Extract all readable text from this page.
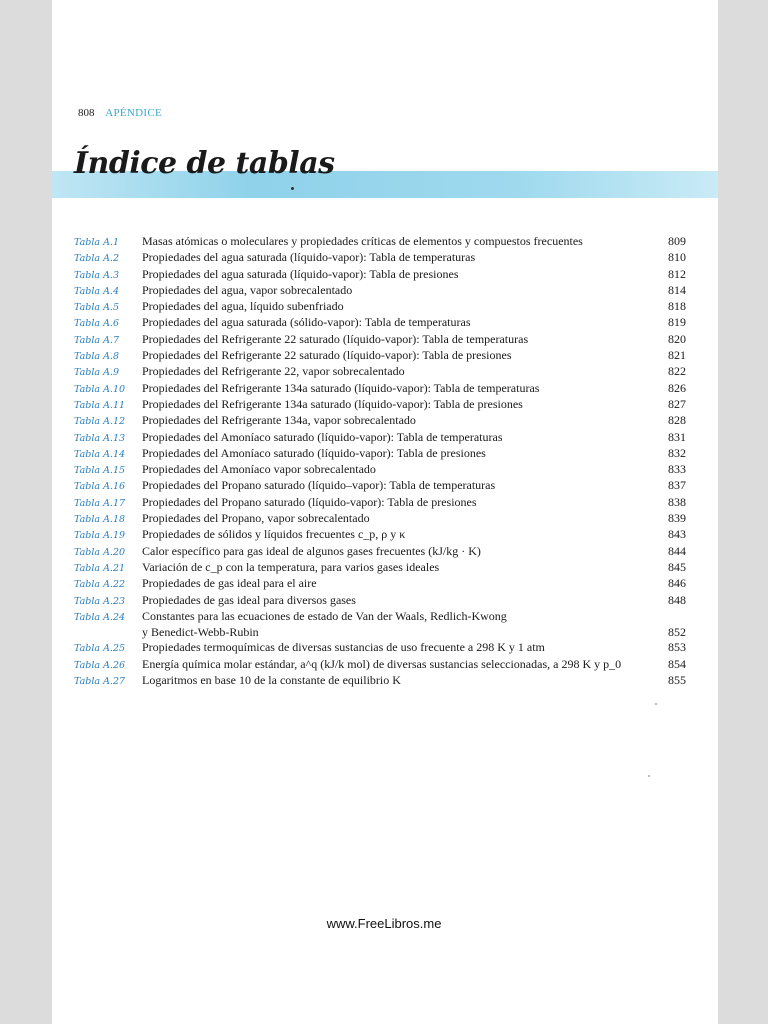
808 APÉNDICE
Índice de tablas
Tabla A.1	Masas atómicas o moleculares y propiedades críticas de elementos y compuestos frecuentes	809
Tabla A.2	Propiedades del agua saturada (líquido-vapor): Tabla de temperaturas	810
Tabla A.3	Propiedades del agua saturada (líquido-vapor): Tabla de presiones	812
Tabla A.4	Propiedades del agua, vapor sobrecalentado	814
Tabla A.5	Propiedades del agua, líquido subenfriado	818
Tabla A.6	Propiedades del agua saturada (sólido-vapor): Tabla de temperaturas	819
Tabla A.7	Propiedades del Refrigerante 22 saturado (líquido-vapor): Tabla de temperaturas	820
Tabla A.8	Propiedades del Refrigerante 22 saturado (líquido-vapor): Tabla de presiones	821
Tabla A.9	Propiedades del Refrigerante 22, vapor sobrecalentado	822
Tabla A.10	Propiedades del Refrigerante 134a saturado (líquido-vapor): Tabla de temperaturas	826
Tabla A.11	Propiedades del Refrigerante 134a saturado (líquido-vapor): Tabla de presiones	827
Tabla A.12	Propiedades del Refrigerante 134a, vapor sobrecalentado	828
Tabla A.13	Propiedades del Amoníaco saturado (líquido-vapor): Tabla de temperaturas	831
Tabla A.14	Propiedades del Amoníaco saturado (líquido-vapor): Tabla de presiones	832
Tabla A.15	Propiedades del Amoníaco vapor sobrecalentado	833
Tabla A.16	Propiedades del Propano saturado (líquido–vapor): Tabla de temperaturas	837
Tabla A.17	Propiedades del Propano saturado (líquido-vapor): Tabla de presiones	838
Tabla A.18	Propiedades del Propano, vapor sobrecalentado	839
Tabla A.19	Propiedades de sólidos y líquidos frecuentes c_p, ρ y κ	843
Tabla A.20	Calor específico para gas ideal de algunos gases frecuentes (kJ/kg · K)	844
Tabla A.21	Variación de c_p con la temperatura, para varios gases ideales	845
Tabla A.22	Propiedades de gas ideal para el aire	846
Tabla A.23	Propiedades de gas ideal para diversos gases	848
Tabla A.24	Constantes para las ecuaciones de estado de Van der Waals, Redlich-Kwong
y Benedict-Webb-Rubin	852
Tabla A.25	Propiedades termoquímicas de diversas sustancias de uso frecuente a 298 K y 1 atm	853
Tabla A.26	Energía química molar estándar, a^q (kJ/k mol) de diversas sustancias seleccionadas, a 298 K y p_0	854
Tabla A.27	Logaritmos en base 10 de la constante de equilibrio K	855
www.FreeLibros.me
